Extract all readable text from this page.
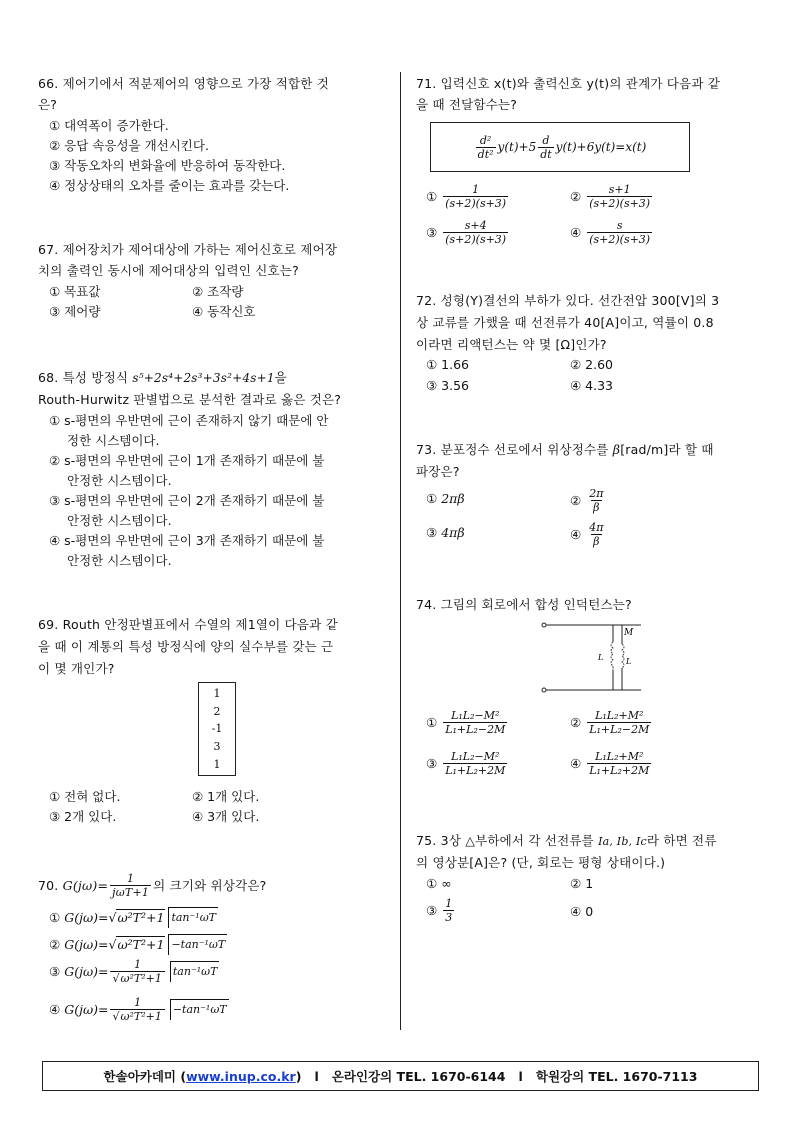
66. 제어기에서 적분제어의 영향으로 가장 적합한 것
은?
① 대역폭이 증가한다.
② 응답 속응성을 개선시킨다.
③ 작동오차의 변화율에 반응하여 동작한다.
④ 정상상태의 오차를 줄이는 효과를 갖는다.
67. 제어장치가 제어대상에 가하는 제어신호로 제어장
치의 출력인 동시에 제어대상의 입력인 신호는?
① 목표값	② 조작량
③ 제어량	④ 동작신호
68. 특성 방정식 s⁵+2s⁴+2s³+3s²+4s+1을
Routh-Hurwitz 판별법으로 분석한 결과로 옳은 것은?
① s-평면의 우반면에 근이 존재하지 않기 때문에 안
정한 시스템이다.
② s-평면의 우반면에 근이 1개 존재하기 때문에 불
안정한 시스템이다.
③ s-평면의 우반면에 근이 2개 존재하기 때문에 불
안정한 시스템이다.
④ s-평면의 우반면에 근이 3개 존재하기 때문에 불
안정한 시스템이다.
69. Routh 안정판별표에서 수열의 제1열이 다음과 같
을 때 이 계통의 특성 방정식에 양의 실수부를 갖는 근
이 몇 개인가?
1
2
-1
3
1
① 전혀 없다.	② 1개 있다.
③ 2개 있다.	④ 3개 있다.
70.
$G(j\omega)= \frac{1}{\text{jωT+1}}$ 의 크기와 위상각은?
①
G(jω)= √ω²T²+1 tan⁻¹ωT
②
G(jω)= √ω²T²+1 −tan⁻¹ωT
③
$G(j\omega)= \frac{1}{\text{√ω²T²+1}} \tan^{-1}\omega T$
④
$G(j\omega)= \frac{1}{\text{√ω²T²+1}} -\tan^{-1}\omega T$
71. 입력신호 x(t)와 출력신호 y(t)의 관계가 다음과 같
을 때 전달함수는?
$\frac{\text{d²}}{\text{dt²}} y(t)+5 \frac{d}{dt} y(t)+6y(t)=x(t)$
①
$\frac{1}{(s+2)(s+3)}$	②
$\frac{s+1}{(s+2)(s+3)}$
③
$\frac{s+4}{(s+2)(s+3)}$	④
$\frac{s}{(s+2)(s+3)}$
72. 성형(Y)결선의 부하가 있다. 선간전압 300[V]의 3
상 교류를 가했을 때 선전류가 40[A]이고, 역률이 0.8
이라면 리액턴스는 약 몇 [Ω]인가?
① 1.66	② 2.60
③ 3.56	④ 4.33
73. 분포정수 선로에서 위상정수를 β[rad/m]라 할 때
파장은?
①
2πβ	②
$\frac{2\pi}{\beta}$
③
4πβ	④
$\frac{4\pi}{\beta}$
74. 그림의 회로에서 합성 인덕턴스는?
M
L	L
①
$\frac{\text{L₁L₂−M²}}{\text{L₁+L₂−2M}}$	②
$\frac{\text{L₁L₂+M²}}{\text{L₁+L₂−2M}}$
③
$\frac{\text{L₁L₂−M²}}{\text{L₁+L₂+2M}}$	④
$\frac{\text{L₁L₂+M²}}{\text{L₁+L₂+2M}}$
75. 3상 △부하에서 각 선전류를 Ia, Ib, Ic라 하면 전류
의 영상분[A]은? (단, 회로는 평형 상태이다.)
①
∞	②
1
③
$\frac{1}{3}$	④
0
한솔아카데미 ( www.inup.co.kr ) l
온라인강의 TEL. 1670-6144
l
학원강의 TEL. 1670-7113
